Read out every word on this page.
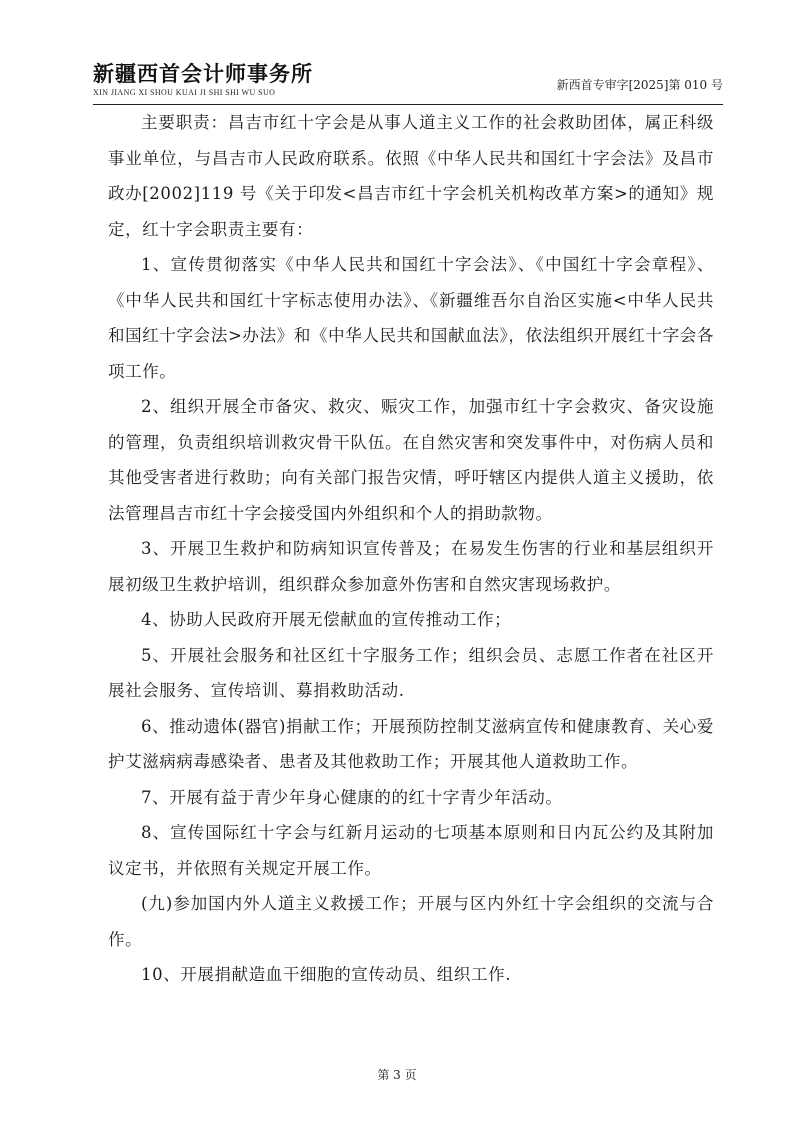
新疆西首会计师事务所
XIN JIANG XI SHOU KUAI JI SHI SHI WU SUO
新西首专审字[2025]第 010 号

主要职责：昌吉市红十字会是从事人道主义工作的社会救助团体，属正科级事业单位，与昌吉市人民政府联系。依照《中华人民共和国红十字会法》及昌市政办[2002]119 号《关于印发<昌吉市红十字会机关机构改革方案>的通知》规定，红十字会职责主要有：

1、宣传贯彻落实《中华人民共和国红十字会法》、《中国红十字会章程》、《中华人民共和国红十字标志使用办法》、《新疆维吾尔自治区实施<中华人民共和国红十字会法>办法》和《中华人民共和国献血法》，依法组织开展红十字会各项工作。

2、组织开展全市备灾、救灾、赈灾工作，加强市红十字会救灾、备灾设施的管理，负责组织培训救灾骨干队伍。在自然灾害和突发事件中，对伤病人员和其他受害者进行救助；向有关部门报告灾情，呼吁辖区内提供人道主义援助，依法管理昌吉市红十字会接受国内外组织和个人的捐助款物。

3、开展卫生救护和防病知识宣传普及；在易发生伤害的行业和基层组织开展初级卫生救护培训，组织群众参加意外伤害和自然灾害现场救护。

4、协助人民政府开展无偿献血的宣传推动工作；

5、开展社会服务和社区红十字服务工作；组织会员、志愿工作者在社区开展社会服务、宣传培训、募捐救助活动.

6、推动遗体(器官)捐献工作；开展预防控制艾滋病宣传和健康教育、关心爱护艾滋病病毒感染者、患者及其他救助工作；开展其他人道救助工作。

7、开展有益于青少年身心健康的的红十字青少年活动。

8、宣传国际红十字会与红新月运动的七项基本原则和日内瓦公约及其附加议定书，并依照有关规定开展工作。

(九)参加国内外人道主义救援工作；开展与区内外红十字会组织的交流与合作。

10、开展捐献造血干细胞的宣传动员、组织工作.

第 3 页
